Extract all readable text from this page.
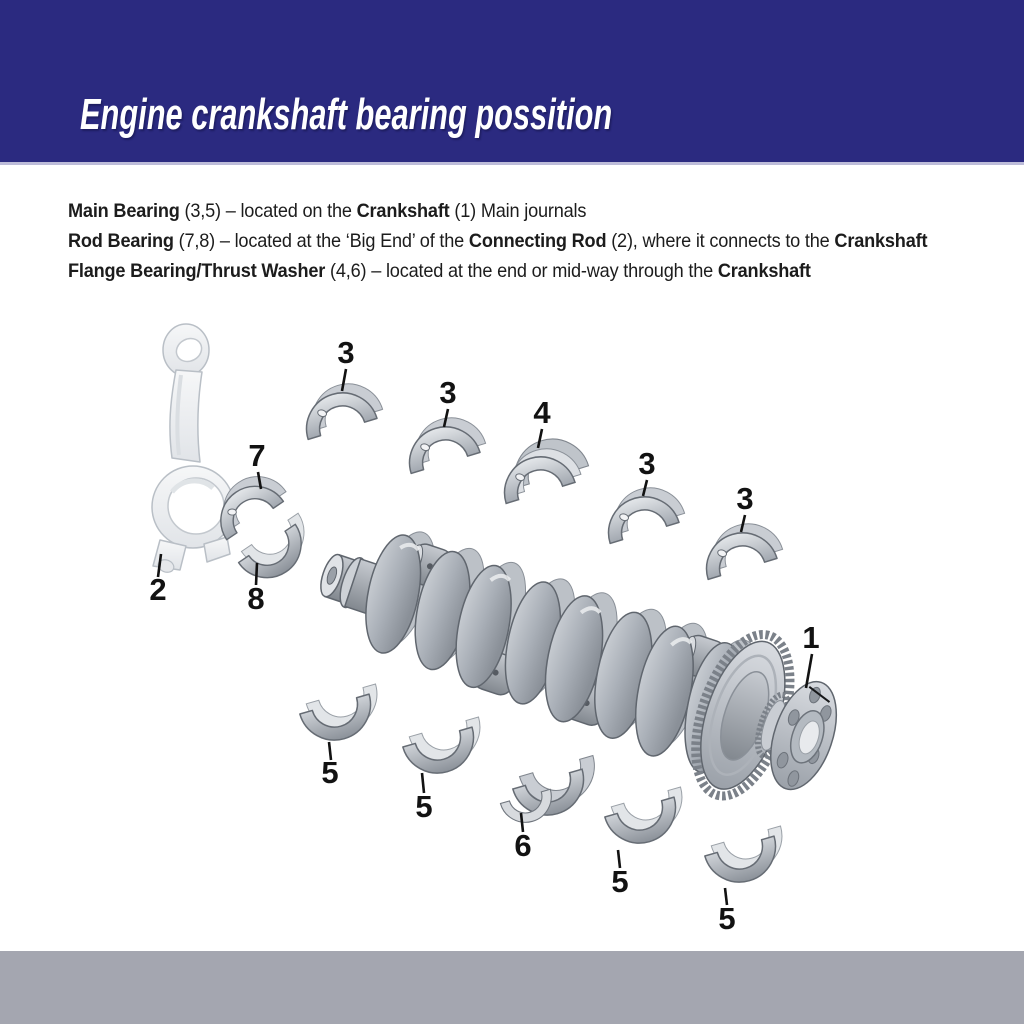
Engine crankshaft bearing possition

Main Bearing (3,5) – located on the Crankshaft (1) Main journals

Rod Bearing (7,8) – located at the ‘Big End’ of the Connecting Rod (2), where it connects to the Crankshaft

Flange Bearing/Thrust Washer (4,6) – located at the end or mid-way through the Crankshaft

3
3
4
3
3
1
7
8
2
5
5
6
5
5
